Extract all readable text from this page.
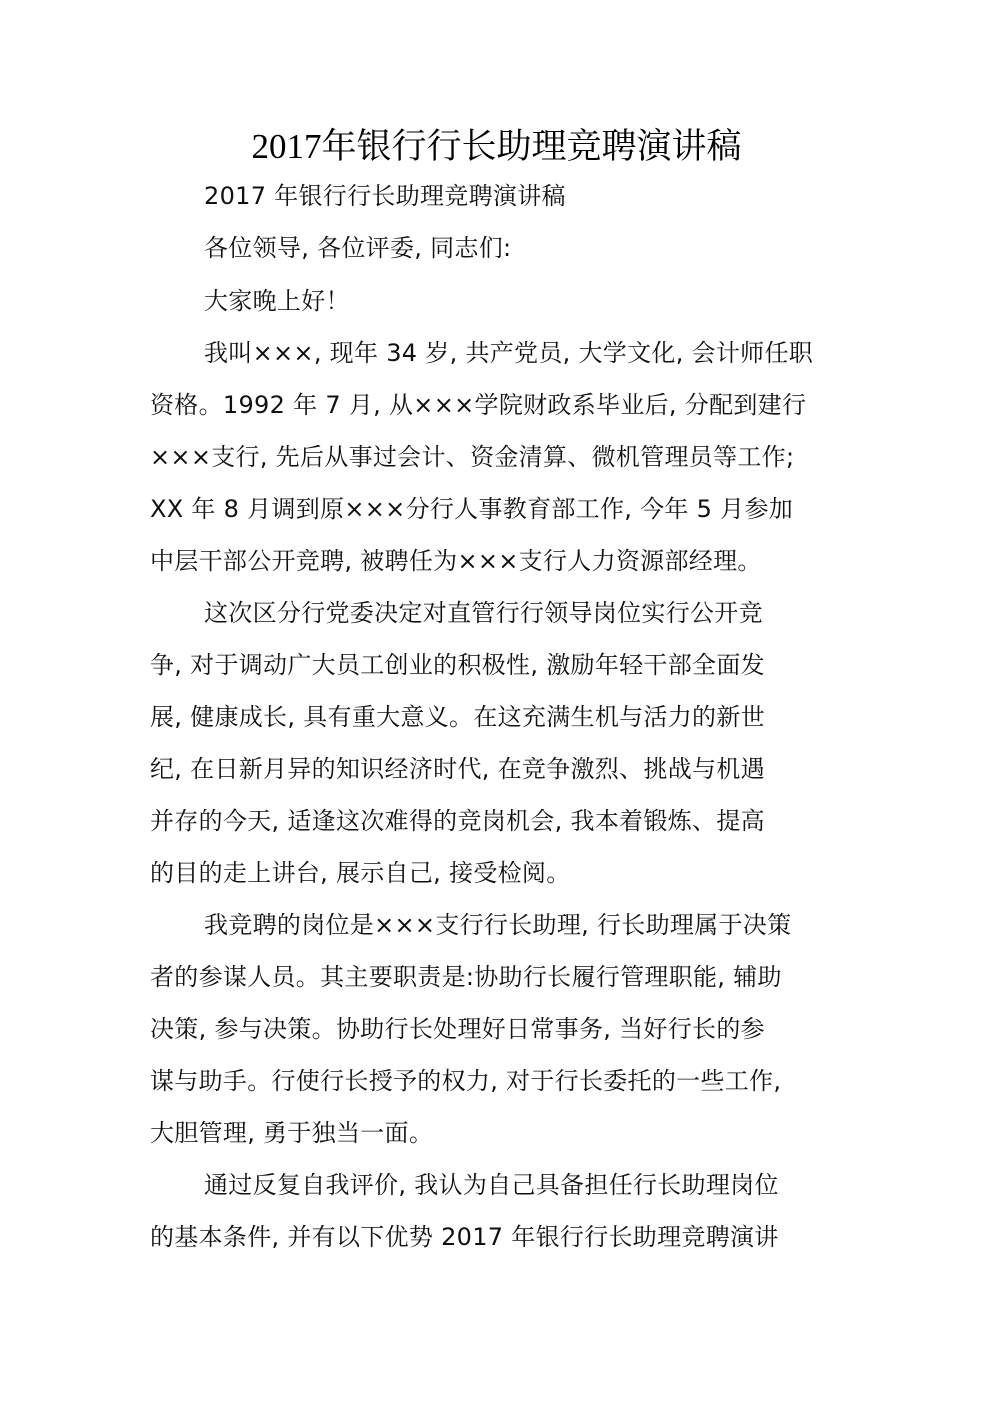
2017年银行行长助理竞聘演讲稿
2017 年银行行长助理竞聘演讲稿
各位领导, 各位评委, 同志们:
大家晚上好！
我叫×××, 现年 34 岁, 共产党员, 大学文化, 会计师任职
资格。1992 年 7 月, 从×××学院财政系毕业后, 分配到建行
×××支行, 先后从事过会计、资金清算、微机管理员等工作;
XX 年 8 月调到原×××分行人事教育部工作, 今年 5 月参加
中层干部公开竞聘, 被聘任为×××支行人力资源部经理。
这次区分行党委决定对直管行行领导岗位实行公开竞
争, 对于调动广大员工创业的积极性, 激励年轻干部全面发
展, 健康成长, 具有重大意义。在这充满生机与活力的新世
纪, 在日新月异的知识经济时代, 在竞争激烈、挑战与机遇
并存的今天, 适逢这次难得的竞岗机会, 我本着锻炼、提高
的目的走上讲台, 展示自己, 接受检阅。
我竞聘的岗位是×××支行行长助理, 行长助理属于决策
者的参谋人员。其主要职责是:协助行长履行管理职能, 辅助
决策, 参与决策。协助行长处理好日常事务, 当好行长的参
谋与助手。行使行长授予的权力, 对于行长委托的一些工作,
大胆管理, 勇于独当一面。
通过反复自我评价, 我认为自己具备担任行长助理岗位
的基本条件, 并有以下优势 2017 年银行行长助理竞聘演讲
